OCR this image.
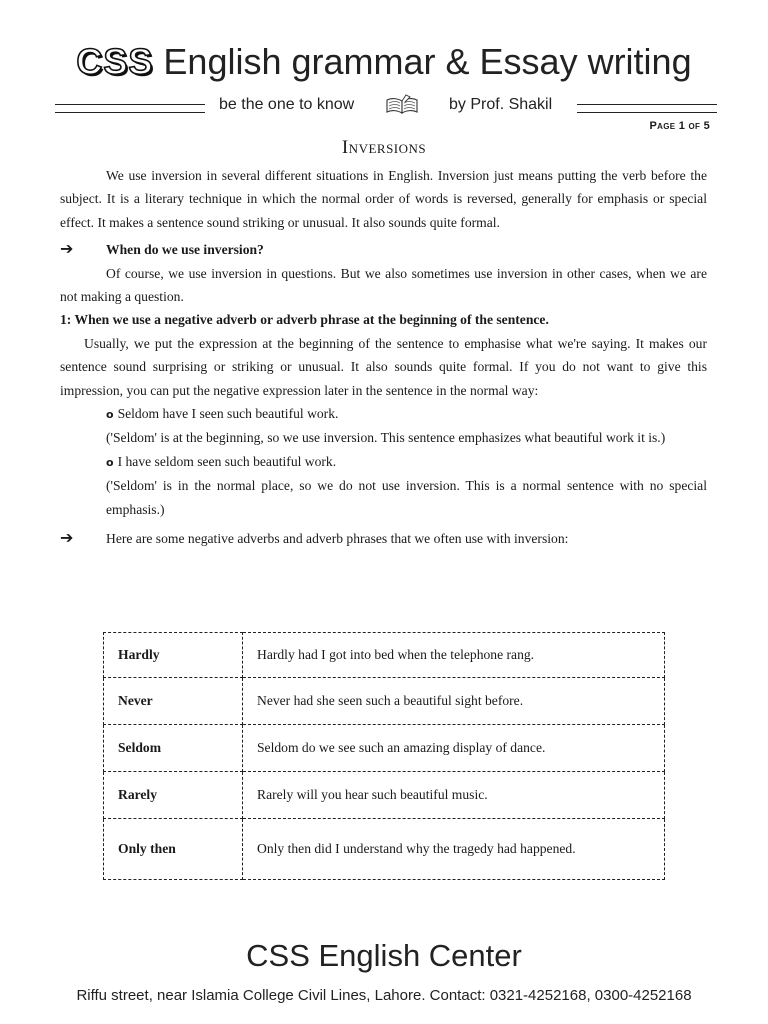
CSS English grammar & Essay writing
be the one to know	by Prof. Shakil
Page 1 of 5
Inversions

We use inversion in several different situations in English. Inversion just means putting the verb before the subject. It is a literary technique in which the normal order of words is reversed, generally for emphasis or special effect. It makes a sentence sound striking or unusual. It also sounds quite formal.

➔	When do we use inversion?

Of course, we use inversion in questions. But we also sometimes use inversion in other cases, when we are not making a question.

1: When we use a negative adverb or adverb phrase at the beginning of the sentence.

Usually, we put the expression at the beginning of the sentence to emphasise what we're saying. It makes our sentence sound surprising or striking or unusual. It also sounds quite formal. If you do not want to give this impression, you can put the negative expression later in the sentence in the normal way:

o Seldom have I seen such beautiful work.

('Seldom' is at the beginning, so we use inversion. This sentence emphasizes what beautiful work it is.)

o I have seldom seen such beautiful work.

('Seldom' is in the normal place, so we do not use inversion. This is a normal sentence with no special emphasis.)

➔	Here are some negative adverbs and adverb phrases that we often use with inversion:
Hardly	Hardly had I got into bed when the telephone rang.
Never	Never had she seen such a beautiful sight before.
Seldom	Seldom do we see such an amazing display of dance.
Rarely	Rarely will you hear such beautiful music.
Only then	Only then did I understand why the tragedy had happened.
CSS English Center
Riffu street, near Islamia College Civil Lines, Lahore. Contact: 0321-4252168, 0300-4252168
